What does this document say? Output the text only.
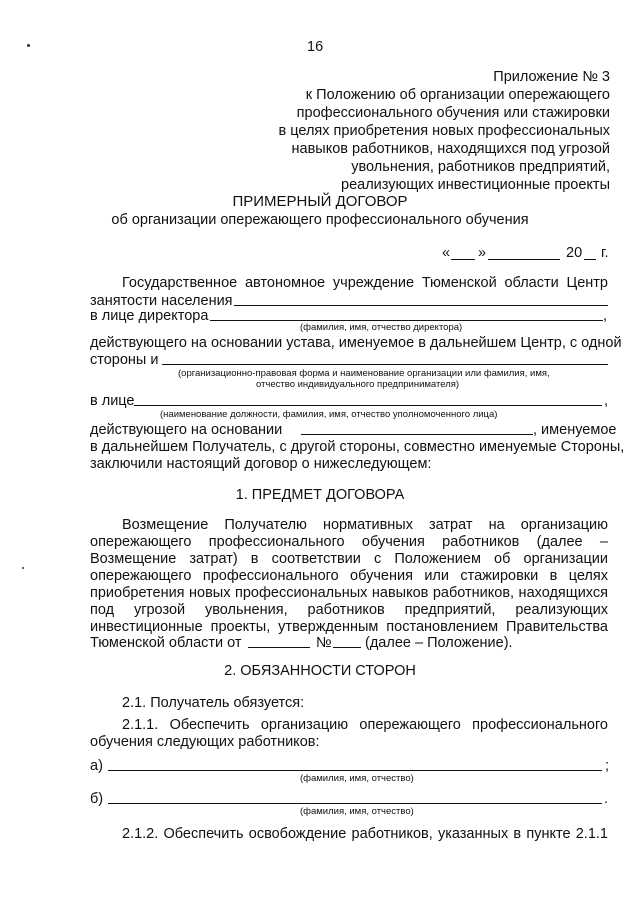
16
Приложение № 3
к Положению об организации опережающего
профессионального обучения или стажировки
в целях приобретения новых профессиональных
навыков работников, находящихся под угрозой
увольнения, работников предприятий,
реализующих инвестиционные проекты
ПРИМЕРНЫЙ ДОГОВОР
об организации опережающего профессионального обучения
« »	20 г.
Государственное автономное учреждение Тюменской области Центр
занятости населения
в лице директора	,
(фамилия, имя, отчество директора)
действующего на основании устава, именуемое в дальнейшем Центр, с одной
стороны и
(организационно-правовая форма и наименование организации или фамилия, имя,
отчество индивидуального предпринимателя)
в лице	,
(наименование должности, фамилия, имя, отчество уполномоченного лица)
действующего на основании	, именуемое
в дальнейшем Получатель, с другой стороны, совместно именуемые Стороны,
заключили настоящий договор о нижеследующем:
1. ПРЕДМЕТ ДОГОВОРА
Возмещение Получателю нормативных затрат на организацию
опережающего профессионального обучения работников (далее –
Возмещение затрат) в соответствии с Положением об организации
опережающего профессионального обучения или стажировки в целях
приобретения новых профессиональных навыков работников, находящихся
под угрозой увольнения, работников предприятий, реализующих
инвестиционные проекты, утвержденным постановлением Правительства
Тюменской области от	№ (далее – Положение).
2. ОБЯЗАННОСТИ СТОРОН
2.1. Получатель обязуется:
2.1.1. Обеспечить организацию опережающего профессионального
обучения следующих работников:
а)	;
(фамилия, имя, отчество)
б)	.
(фамилия, имя, отчество)
2.1.2. Обеспечить освобождение работников, указанных в пункте 2.1.1
